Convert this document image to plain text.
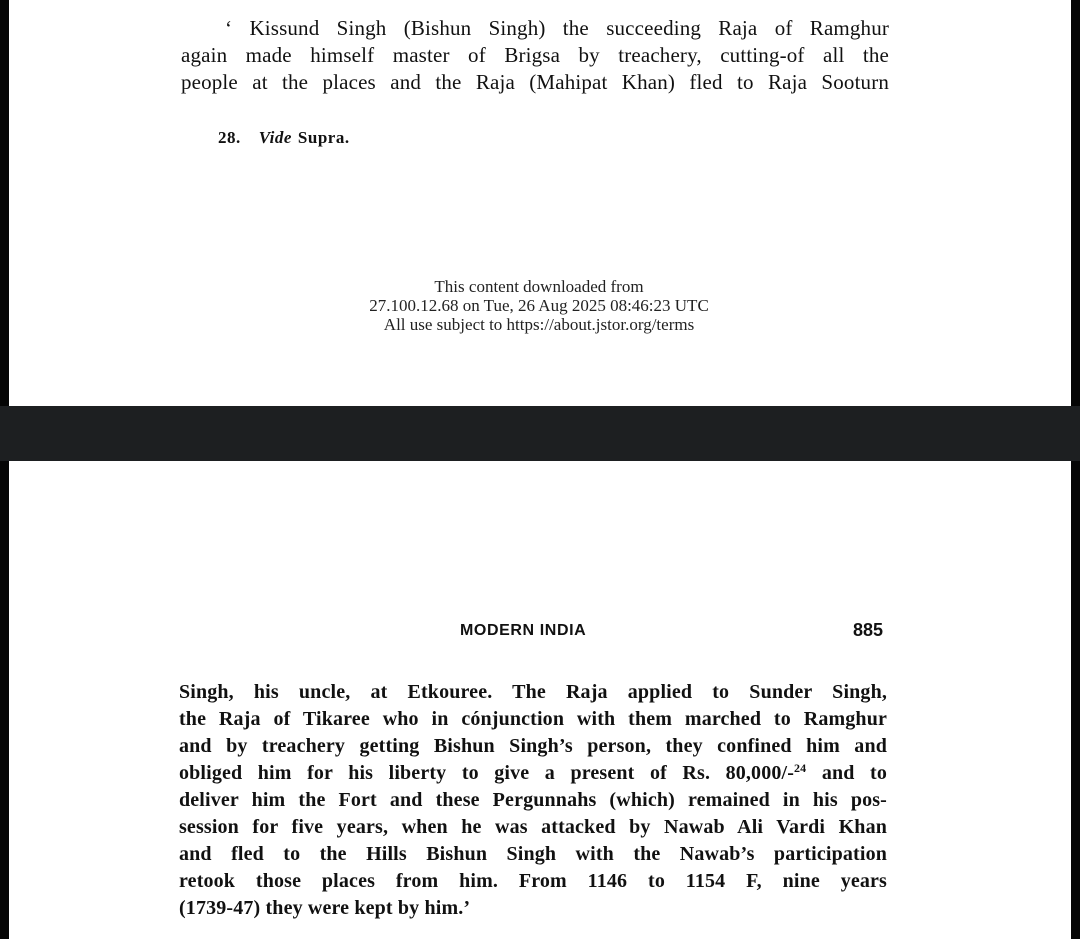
‘ Kissund Singh (Bishun Singh) the succeeding Raja of Ramghur
again made himself master of Brigsa by treachery, cutting-of all the
people at the places and the Raja (Mahipat Khan) fled to Raja Sooturn
28. Vide Supra.
This content downloaded from
27.100.12.68 on Tue, 26 Aug 2025 08:46:23 UTC
All use subject to https://about.jstor.org/terms
MODERN INDIA	885
Singh, his uncle, at Etkouree. The Raja applied to Sunder Singh,
the Raja of Tikaree who in cónjunction with them marched to Ramghur
and by treachery getting Bishun Singh’s person, they confined him and
obliged him for his liberty to give a present of Rs. 80,000/-$^{24}$ and to
deliver him the Fort and these Pergunnahs (which) remained in his pos-
session for five years, when he was attacked by Nawab Ali Vardi Khan
and fled to the Hills Bishun Singh with the Nawab’s participation
retook those places from him. From 1146 to 1154 F, nine years
(1739-47) they were kept by him.’
